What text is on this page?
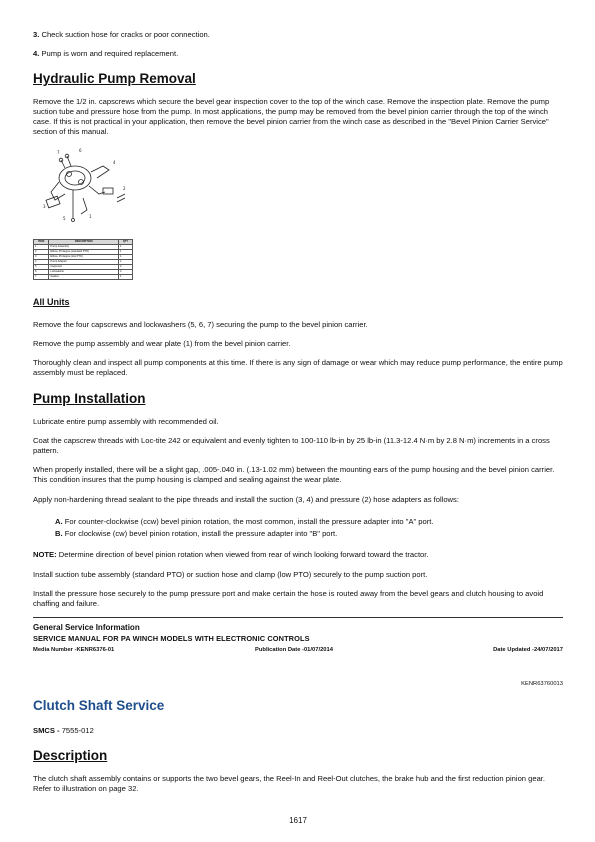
3. Check suction hose for cracks or poor connection.

4. Pump is worn and required replacement.

Hydraulic Pump Removal

Remove the 1/2 in. capscrews which secure the bevel gear inspection cover to the top of the winch case. Remove the inspection plate. Remove the pump suction tube and pressure hose from the pump. In most applications, the pump may be removed from the bevel pinion carrier through the top of the winch case. If this is not practical in your application, then remove the bevel pinion carrier from the winch case as described in the "Bevel Pinion Carrier Service" section of this manual.

7	6
3
4
2
5	1
ITEM	DESCRIPTION	QTY
1	Pump Assembly	1
2	Elbow, 45 degree (standard PTO)	1
3	Elbow, 45 degree (low PTO)	1
4	Pump Adapter	1
5	Capscrew	4
6	Lockwasher	4
7	Gasket	1
All Units

Remove the four capscrews and lockwashers (5, 6, 7) securing the pump to the bevel pinion carrier.

Remove the pump assembly and wear plate (1) from the bevel pinion carrier.

Thoroughly clean and inspect all pump components at this time. If there is any sign of damage or wear which may reduce pump performance, the entire pump assembly must be replaced.

Pump Installation

Lubricate entire pump assembly with recommended oil.

Coat the capscrew threads with Loc-tite 242 or equivalent and evenly tighten to 100-110 lb-in by 25 lb-in (11.3-12.4 N·m by 2.8 N·m) increments in a cross pattern.

When properly installed, there will be a slight gap, .005-.040 in. (.13-1.02 mm) between the mounting ears of the pump housing and the bevel pinion carrier. This condition insures that the pump housing is clamped and sealing against the wear plate.

Apply non-hardening thread sealant to the pipe threads and install the suction (3, 4) and pressure (2) hose adapters as follows:

A. For counter-clockwise (ccw) bevel pinion rotation, the most common, install the pressure adapter into "A" port.

B. For clockwise (cw) bevel pinion rotation, install the pressure adapter into "B" port.

NOTE: Determine direction of bevel pinion rotation when viewed from rear of winch looking forward toward the tractor.

Install suction tube assembly (standard PTO) or suction hose and clamp (low PTO) securely to the pump suction port.

Install the pressure hose securely to the pump pressure port and make certain the hose is routed away from the bevel gears and clutch housing to avoid chaffing and failure.

General Service Information
SERVICE MANUAL FOR PA WINCH MODELS WITH ELECTRONIC CONTROLS
Media Number -KENR6376-01	Publication Date -01/07/2014	Date Updated -24/07/2017
KENR63760013
Clutch Shaft Service

SMCS - 7555-012

Description

The clutch shaft assembly contains or supports the two bevel gears, the Reel-In and Reel-Out clutches, the brake hub and the first reduction pinion gear. Refer to illustration on page 32.

1617
